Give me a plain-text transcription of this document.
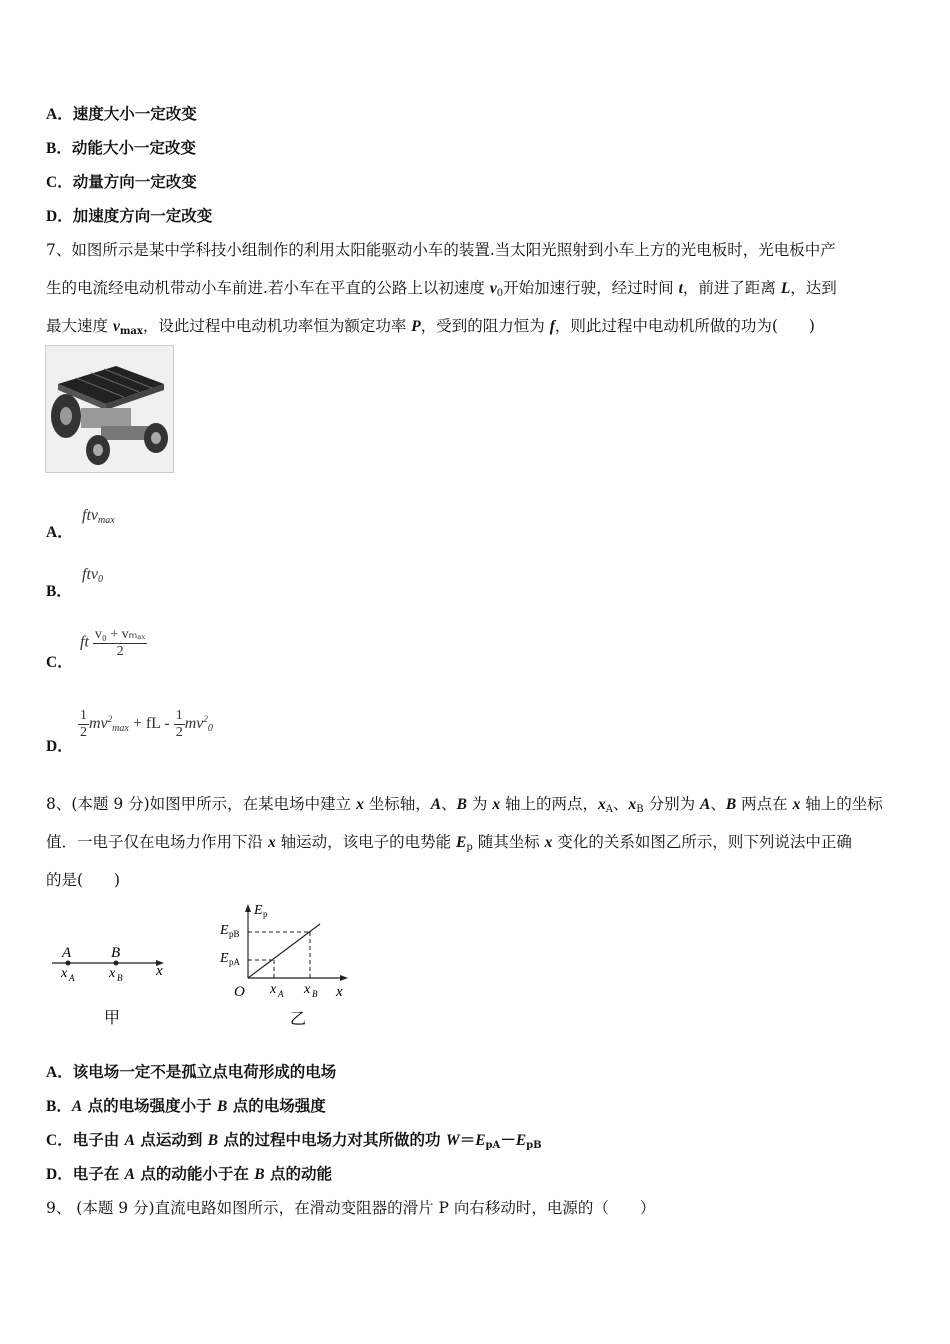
A．速度大小一定改变
B．动能大小一定改变
C．动量方向一定改变
D．加速度方向一定改变
7、如图所示是某中学科技小组制作的利用太阳能驱动小车的装置.当太阳光照射到小车上方的光电板时，光电板中产
生的电流经电动机带动小车前进.若小车在平直的公路上以初速度 $v_0$开始加速行驶，经过时间 t，前进了距离 L，达到
最大速度 $v_{max}$，设此过程中电动机功率恒为额定功率 P，受到的阻力恒为 f，则此过程中电动机所做的功为(　　)
A．
ftv$_{max}$
B．
ftv$_0$
C．
ft $\frac{\text{v₀ + vₘₐₓ}}{2}$
D．
$\frac{1}{2} mv^2_{max}$ + fL - $\frac{1}{2} mv^2_0$
8、(本题 9 分)如图甲所示，在某电场中建立 x 坐标轴，A、B 为 x 轴上的两点，$x_A$、$x_B$ 分别为 A、B 两点在 x 轴上的坐标
值．一电子仅在电场力作用下沿 x 轴运动，该电子的电势能 $E_p$ 随其坐标 x 变化的关系如图乙所示，则下列说法中正确
的是(　　)
A	B
x A x B x
甲
E p
E pB
E pA
O x A x B x
乙
A．该电场一定不是孤立点电荷形成的电场
B．A 点的电场强度小于 B 点的电场强度
C．电子由 A 点运动到 B 点的过程中电场力对其所做的功 $W=E_{pA}-E_{pB}$
D．电子在 A 点的动能小于在 B 点的动能
9、 (本题 9 分)直流电路如图所示，在滑动变阻器的滑片 P 向右移动时，电源的（　　）
